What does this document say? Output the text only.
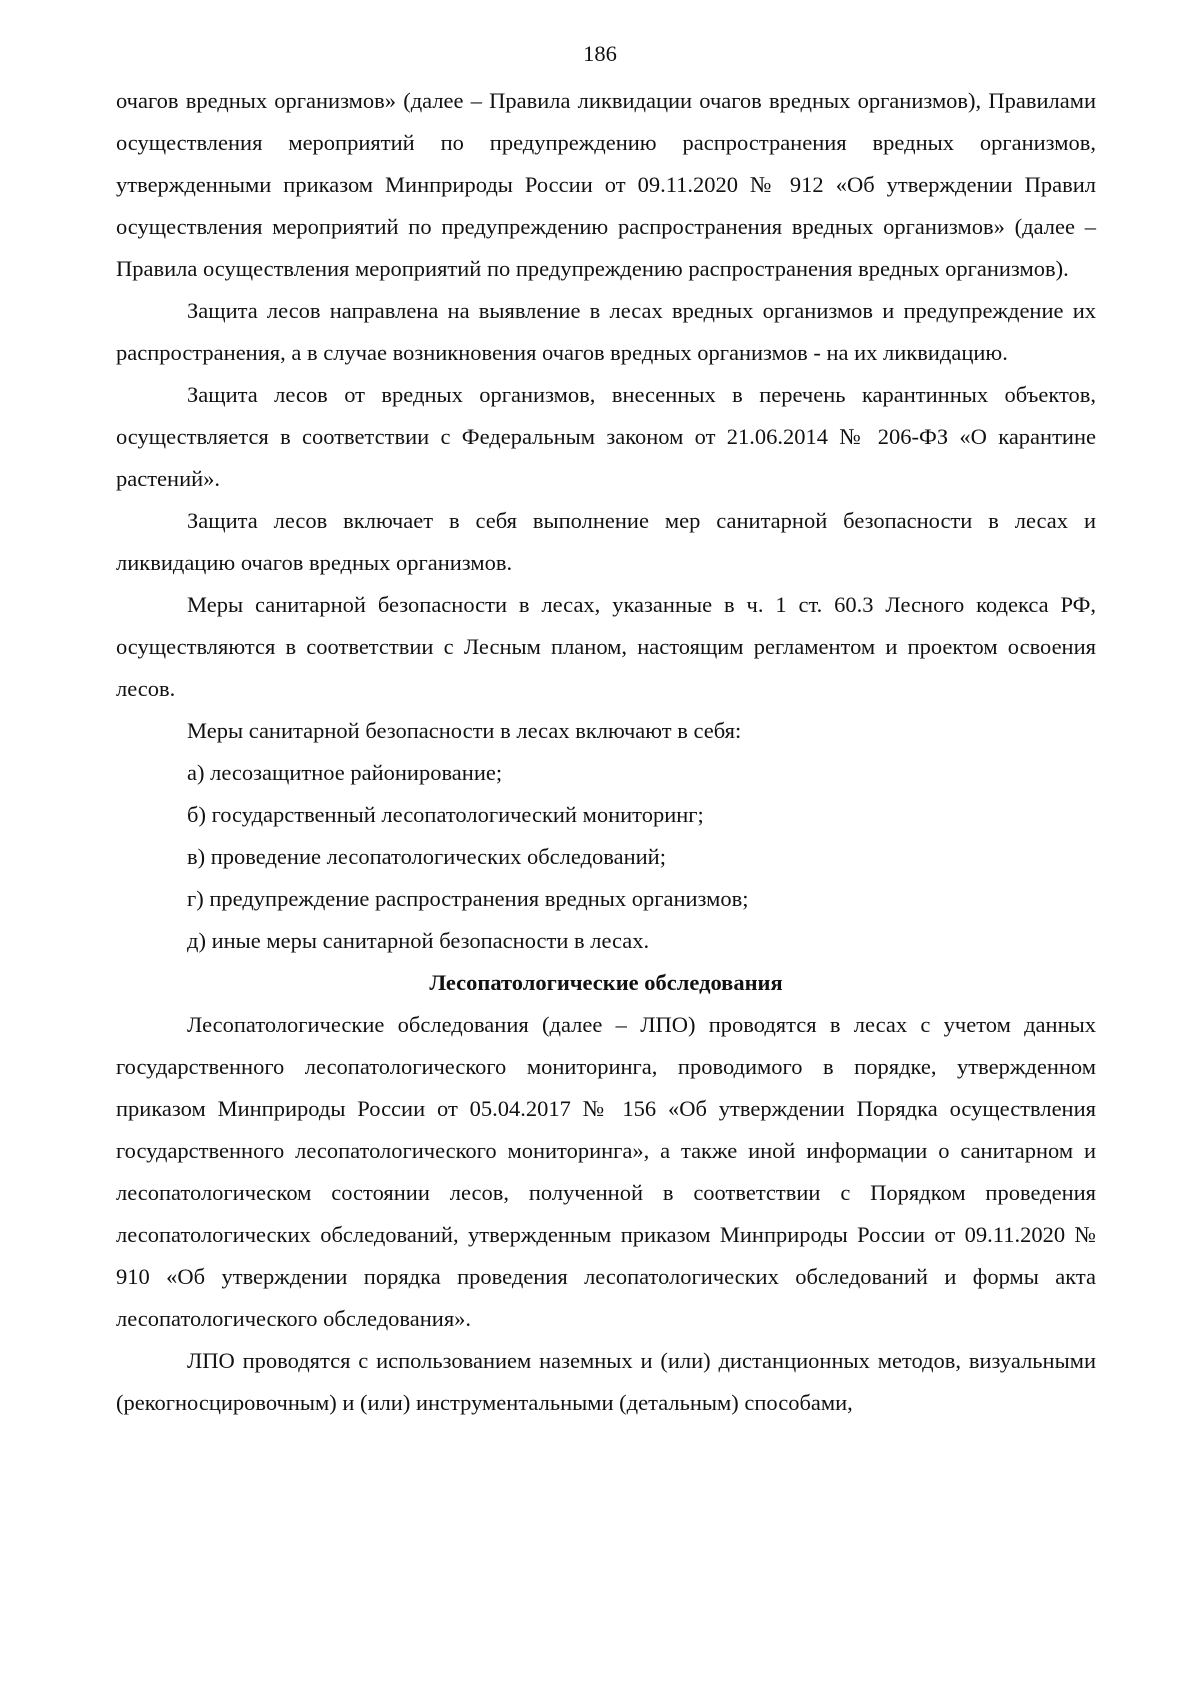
186

очагов вредных организмов» (далее – Правила ликвидации очагов вредных организмов), Правилами осуществления мероприятий по предупреждению распространения вредных организмов, утвержденными приказом Минприроды России от 09.11.2020 № 912 «Об утверждении Правил осуществления мероприятий по предупреждению распространения вредных организмов» (далее – Правила осуществления мероприятий по предупреждению распространения вредных организмов).

Защита лесов направлена на выявление в лесах вредных организмов и предупреждение их распространения, а в случае возникновения очагов вредных организмов - на их ликвидацию.

Защита лесов от вредных организмов, внесенных в перечень карантинных объектов, осуществляется в соответствии с Федеральным законом от 21.06.2014 № 206-ФЗ «О карантине растений».

Защита лесов включает в себя выполнение мер санитарной безопасности в лесах и ликвидацию очагов вредных организмов.

Меры санитарной безопасности в лесах, указанные в ч. 1 ст. 60.3 Лесного кодекса РФ, осуществляются в соответствии с Лесным планом, настоящим регламентом и проектом освоения лесов.

Меры санитарной безопасности в лесах включают в себя:

а) лесозащитное районирование;

б) государственный лесопатологический мониторинг;

в) проведение лесопатологических обследований;

г) предупреждение распространения вредных организмов;

д) иные меры санитарной безопасности в лесах.

Лесопатологические обследования

Лесопатологические обследования (далее – ЛПО) проводятся в лесах с учетом данных государственного лесопатологического мониторинга, проводимого в порядке, утвержденном приказом Минприроды России от 05.04.2017 № 156 «Об утверждении Порядка осуществления государственного лесопатологического мониторинга», а также иной информации о санитарном и лесопатологическом состоянии лесов, полученной в соответствии с Порядком проведения лесопатологических обследований, утвержденным приказом Минприроды России от 09.11.2020 № 910 «Об утверждении порядка проведения лесопатологических обследований и формы акта лесопатологического обследования».

ЛПО проводятся с использованием наземных и (или) дистанционных методов, визуальными (рекогносцировочным) и (или) инструментальными (детальным) способами,
